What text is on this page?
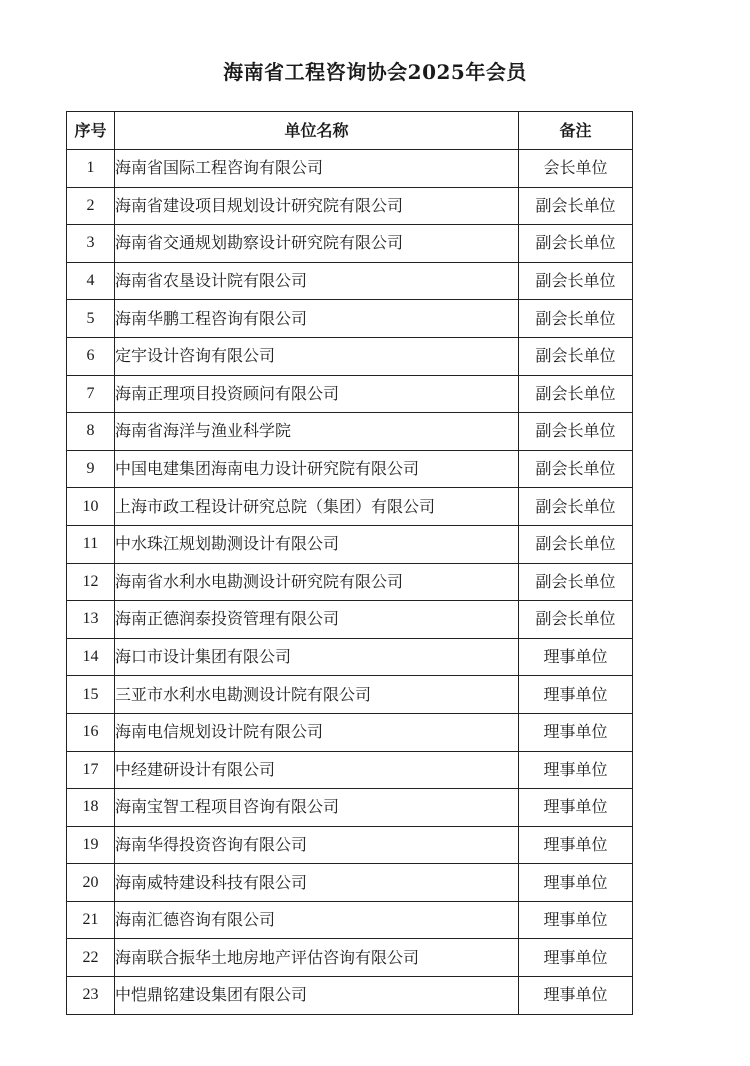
海南省工程咨询协会2025年会员
序号	单位名称	备注
1	海南省国际工程咨询有限公司	会长单位
2	海南省建设项目规划设计研究院有限公司	副会长单位
3	海南省交通规划勘察设计研究院有限公司	副会长单位
4	海南省农垦设计院有限公司	副会长单位
5	海南华鹏工程咨询有限公司	副会长单位
6	定宇设计咨询有限公司	副会长单位
7	海南正理项目投资顾问有限公司	副会长单位
8	海南省海洋与渔业科学院	副会长单位
9	中国电建集团海南电力设计研究院有限公司	副会长单位
10	上海市政工程设计研究总院（集团）有限公司	副会长单位
11	中水珠江规划勘测设计有限公司	副会长单位
12	海南省水利水电勘测设计研究院有限公司	副会长单位
13	海南正德润泰投资管理有限公司	副会长单位
14	海口市设计集团有限公司	理事单位
15	三亚市水利水电勘测设计院有限公司	理事单位
16	海南电信规划设计院有限公司	理事单位
17	中经建研设计有限公司	理事单位
18	海南宝智工程项目咨询有限公司	理事单位
19	海南华得投资咨询有限公司	理事单位
20	海南威特建设科技有限公司	理事单位
21	海南汇德咨询有限公司	理事单位
22	海南联合振华土地房地产评估咨询有限公司	理事单位
23	中恺鼎铭建设集团有限公司	理事单位
